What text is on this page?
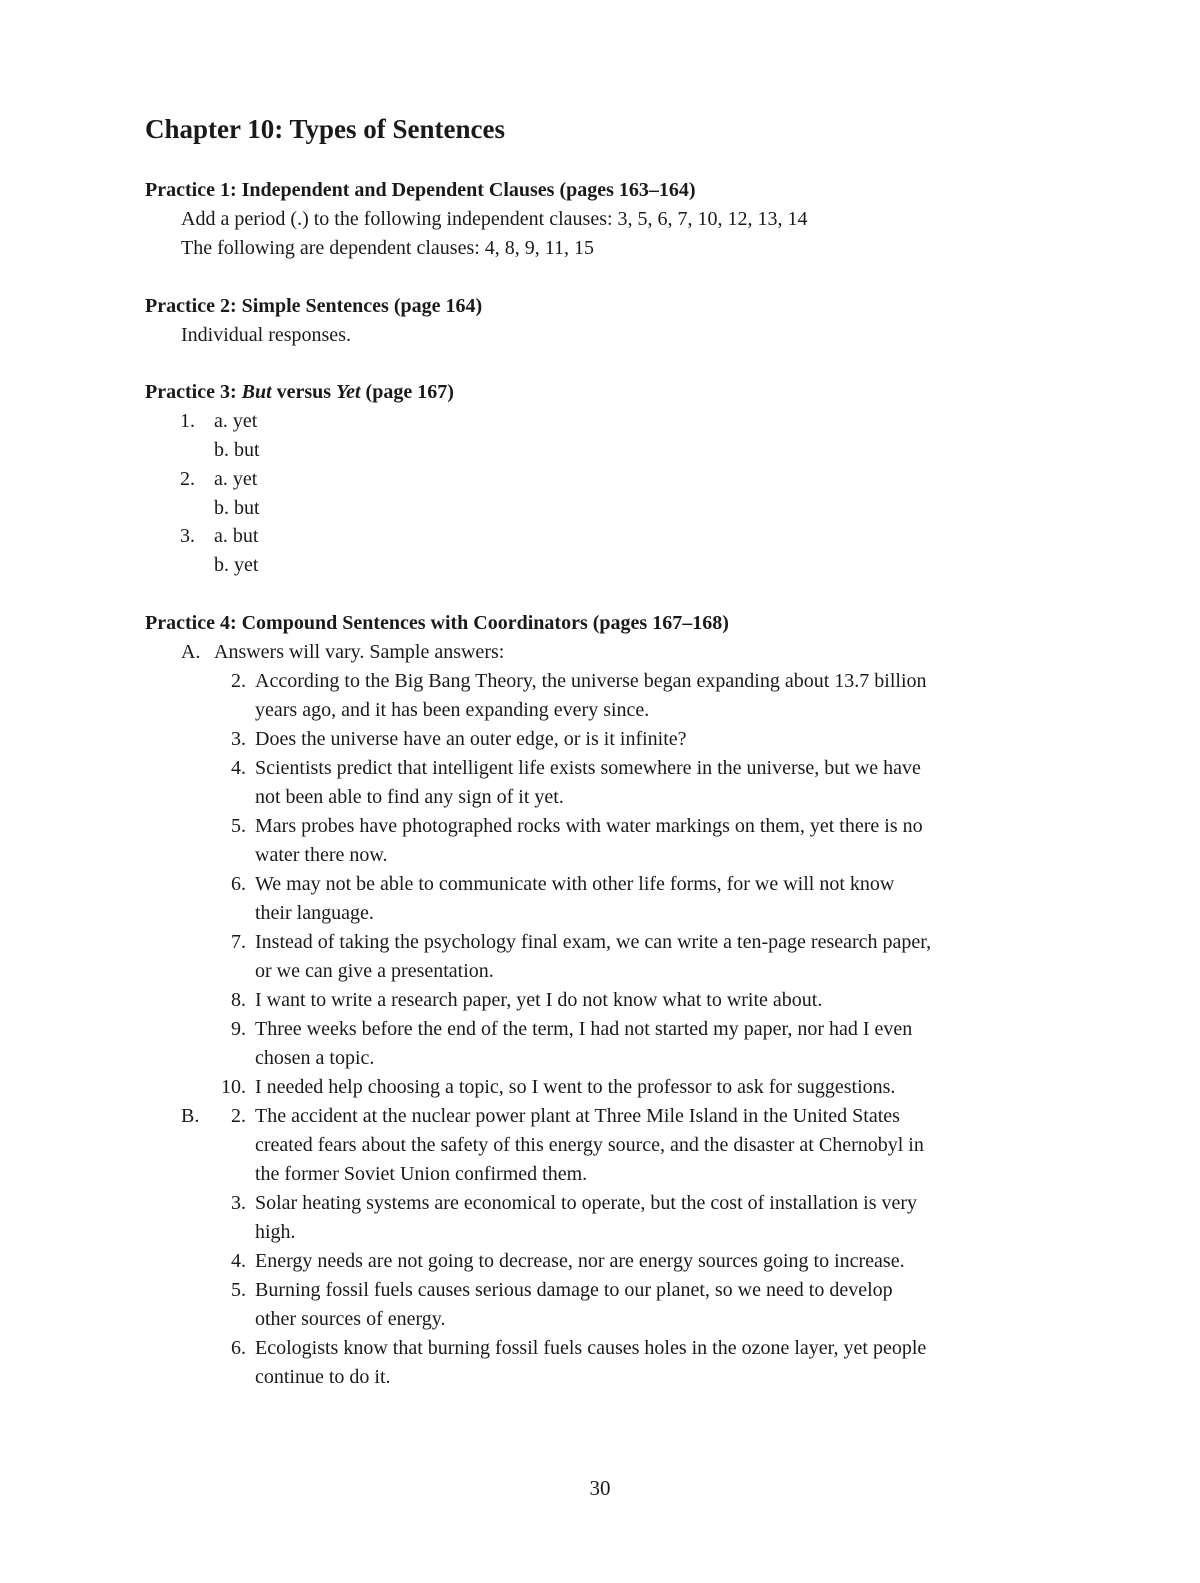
Chapter 10: Types of Sentences
Practice 1: Independent and Dependent Clauses (pages 163–164)
Add a period (.) to the following independent clauses: 3, 5, 6, 7, 10, 12, 13, 14
The following are dependent clauses: 4, 8, 9, 11, 15
Practice 2: Simple Sentences (page 164)
Individual responses.
Practice 3: But versus Yet (page 167)
1. a. yet
b. but
2. a. yet
b. but
3. a. but
b. yet
Practice 4: Compound Sentences with Coordinators (pages 167–168)
A. Answers will vary. Sample answers:
2. According to the Big Bang Theory, the universe began expanding about 13.7 billion
years ago, and it has been expanding every since.
3. Does the universe have an outer edge, or is it infinite?
4. Scientists predict that intelligent life exists somewhere in the universe, but we have
not been able to find any sign of it yet.
5. Mars probes have photographed rocks with water markings on them, yet there is no
water there now.
6. We may not be able to communicate with other life forms, for we will not know
their language.
7. Instead of taking the psychology final exam, we can write a ten-page research paper,
or we can give a presentation.
8. I want to write a research paper, yet I do not know what to write about.
9. Three weeks before the end of the term, I had not started my paper, nor had I even
chosen a topic.
10. I needed help choosing a topic, so I went to the professor to ask for suggestions.
B.	2. The accident at the nuclear power plant at Three Mile Island in the United States
created fears about the safety of this energy source, and the disaster at Chernobyl in
the former Soviet Union confirmed them.
3. Solar heating systems are economical to operate, but the cost of installation is very
high.
4. Energy needs are not going to decrease, nor are energy sources going to increase.
5. Burning fossil fuels causes serious damage to our planet, so we need to develop
other sources of energy.
6. Ecologists know that burning fossil fuels causes holes in the ozone layer, yet people
continue to do it.
30
